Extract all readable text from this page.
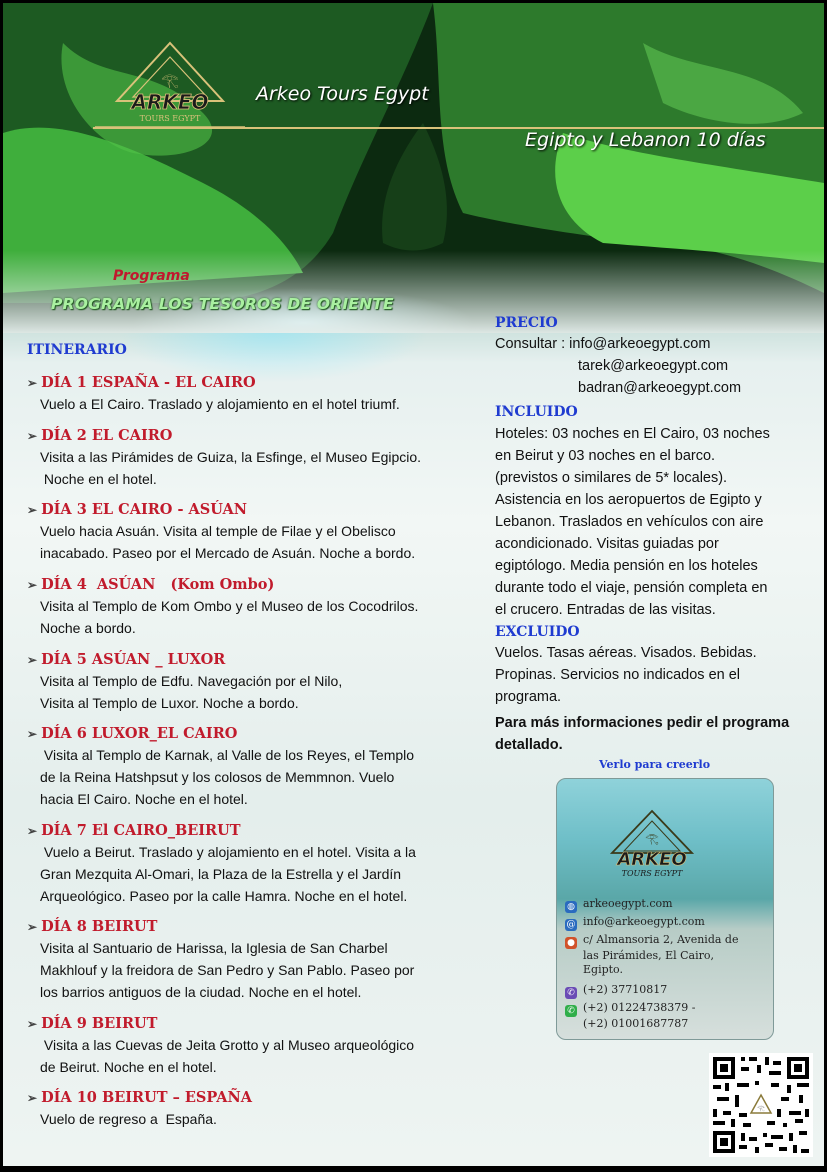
𓂀
ARKEO
TOURS EGYPT
Arkeo Tours Egypt
Egipto y Lebanon 10 días
Programa
PROGRAMA LOS TESOROS DE ORIENTE
ITINERARIO
➢ DÍA 1 ESPAÑA - EL CAIRO
Vuelo a El Cairo. Traslado y alojamiento en el hotel triumf.
➢ DÍA 2 EL CAIRO
Visita a las Pirámides de Guiza, la Esfinge, el Museo Egipcio.
Noche en el hotel.
➢ DÍA 3 EL CAIRO - ASÚAN
Vuelo hacia Asuán. Visita al temple de Filae y el Obelisco
inacabado. Paseo por el Mercado de Asuán. Noche a bordo.
➢ DÍA 4  ASÚAN   (Kom Ombo)
Visita al Templo de Kom Ombo y el Museo de los Cocodrilos.
Noche a bordo.
➢ DÍA 5 ASÚAN _ LUXOR
Visita al Templo de Edfu. Navegación por el Nilo,
Visita al Templo de Luxor. Noche a bordo.
➢ DÍA 6 LUXOR_EL CAIRO
Visita al Templo de Karnak, al Valle de los Reyes, el Templo
de la Reina Hatshpsut y los colosos de Memmnon. Vuelo
hacia El Cairo. Noche en el hotel.
➢ DÍA 7 El CAIRO_BEIRUT
Vuelo a Beirut. Traslado y alojamiento en el hotel. Visita a la
Gran Mezquita Al-Omari, la Plaza de la Estrella y el Jardín
Arqueológico. Paseo por la calle Hamra. Noche en el hotel.
➢ DÍA 8 BEIRUT
Visita al Santuario de Harissa, la Iglesia de San Charbel
Makhlouf y la freidora de San Pedro y San Pablo. Paseo por
los barrios antiguos de la ciudad. Noche en el hotel.
➢ DÍA 9 BEIRUT
Visita a las Cuevas de Jeita Grotto y al Museo arqueológico
de Beirut. Noche en el hotel.
➢ DÍA 10 BEIRUT – ESPAÑA
Vuelo de regreso a  España.
PRECIO
Consultar : info@arkeoegypt.com
tarek@arkeoegypt.com
badran@arkeoegypt.com
INCLUIDO
Hoteles: 03 noches en El Cairo, 03 noches
en Beirut y 03 noches en el barco.
(previstos o similares de 5* locales).
Asistencia en los aeropuertos de Egipto y
Lebanon. Traslados en vehículos con aire
acondicionado. Visitas guiadas por
egiptólogo. Media pensión en los hoteles
durante todo el viaje, pensión completa en
el crucero. Entradas de las visitas.
EXCLUIDO
Vuelos. Tasas aéreas. Visados. Bebidas.
Propinas. Servicios no indicados en el
programa.
Para más informaciones pedir el programa
detallado.
Verlo para creerlo
𓂀
ARKEO
TOURS EGYPT
◍ arkeoegypt.com
@ info@arkeoegypt.com
● c/ Almansoria 2, Avenida de
las Pirámides, El Cairo,
Egipto.
✆ (+2) 37710817
✆ (+2) 01224738379 -
(+2) 01001687787
𓂀
